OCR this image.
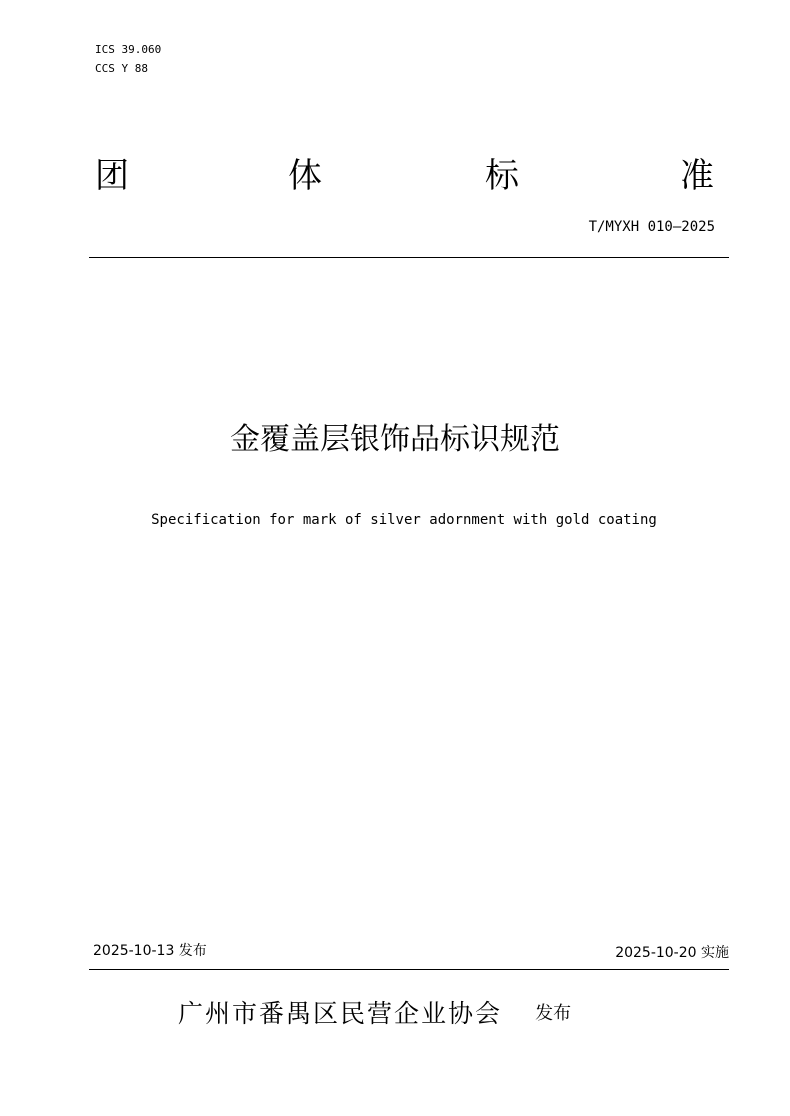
ICS 39.060
CCS Y 88
团	体	标	准
T/MYXH 010—2025
金覆盖层银饰品标识规范
Specification for mark of silver adornment with gold coating
2025-10-13 发布	2025-10-20 实施
广州市番禺区民营企业协会 发布
